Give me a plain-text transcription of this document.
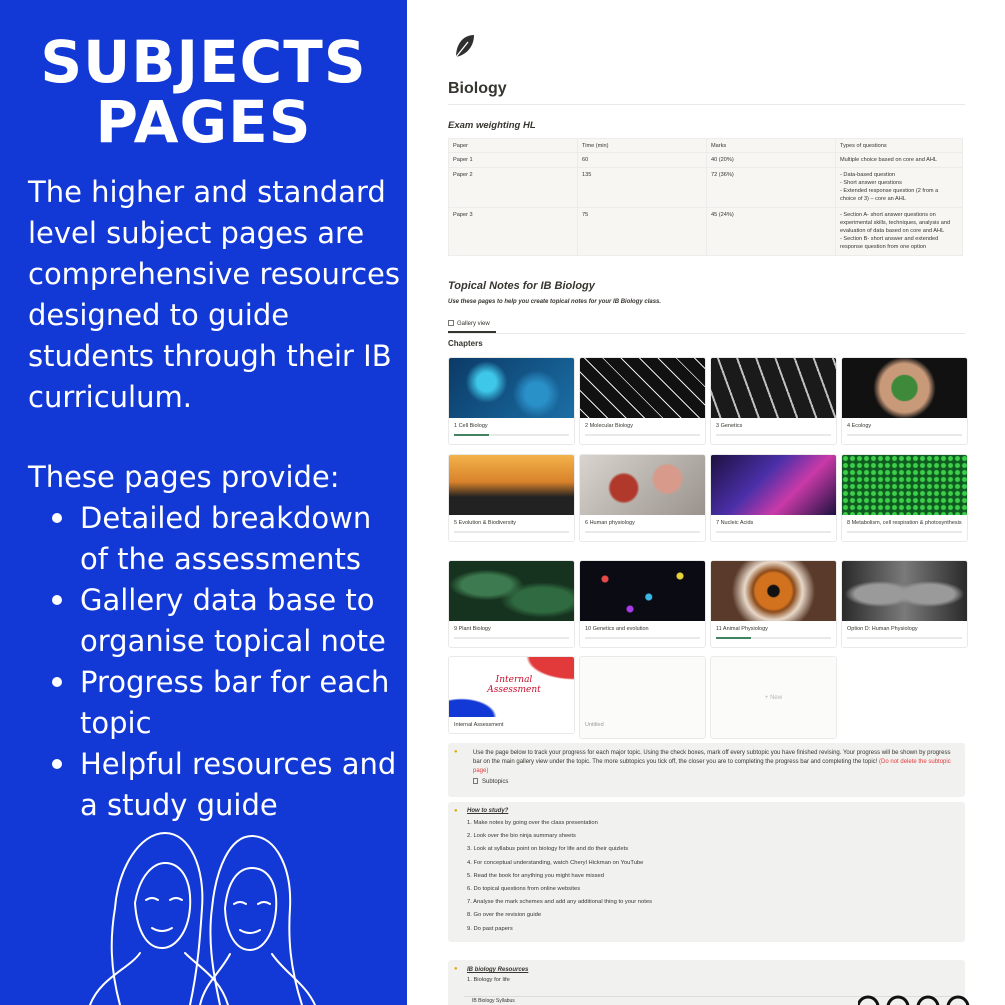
SUBJECTS
PAGES
The higher and standard level subject pages are comprehensive resources designed to guide students through their IB curriculum.
These pages provide:
Detailed breakdown of the assessments
Gallery data base to organise topical note
Progress bar for each topic
Helpful resources and a study guide
Biology
Exam weighting HL
Paper	Time (min)	Marks	Types of questions
Paper 1	60	40 (20%)	Multiple choice based on core and AHL

Paper 2	135	72 (36%)	- Data-based question
- Short answer questions
- Extended response question (2 from a
choice of 3) – core an AHL

Paper 3	75	45 (24%)	- Section A- short answer questions on
experimental skills, techniques, analysis and
evaluation of data based on core and AHL
- Section B- short answer and extended
response question from one option
Topical Notes for IB Biology
Use these pages to help you create topical notes for your IB Biology class.
Gallery view
Chapters
1 Cell Biology	2 Molecular Biology	3 Genetics	4 Ecology
5 Evolution & Biodiversity	6 Human physiology	7 Nucleic Acids	8 Metabolism, cell respiration & photosynthesis
9 Plant Biology	10 Genetics and evolution	11 Animal Physiology	Option D: Human Physiology
Internal Assessment
Internal Assessment	Untitled
+ New
●	Use the page below to track your progress for each major topic. Using the check boxes, mark off every subtopic you have finished revising. Your progress will be shown by progress bar on the main gallery view under the topic. The more subtopics you tick off, the closer you are to completing the progress bar and completing the topic! (Do not delete the subtopic page)

Subtopics
●	How to study?
1. Make notes by going over the class presentation
2. Look over the bio ninja summary sheets
3. Look at syllabus point on biology for life and do their quizlets
4. For conceptual understanding, watch Cheryl Hickman on YouTube
5. Read the book for anything you might have missed
6. Do topical questions from online websites
7. Analyse the mark schemes and add any additional thing to your notes
8. Go over the revision guide
9. Do past papers
●	IB biology Resources
1. Biology for life
IB Biology Syllabus
